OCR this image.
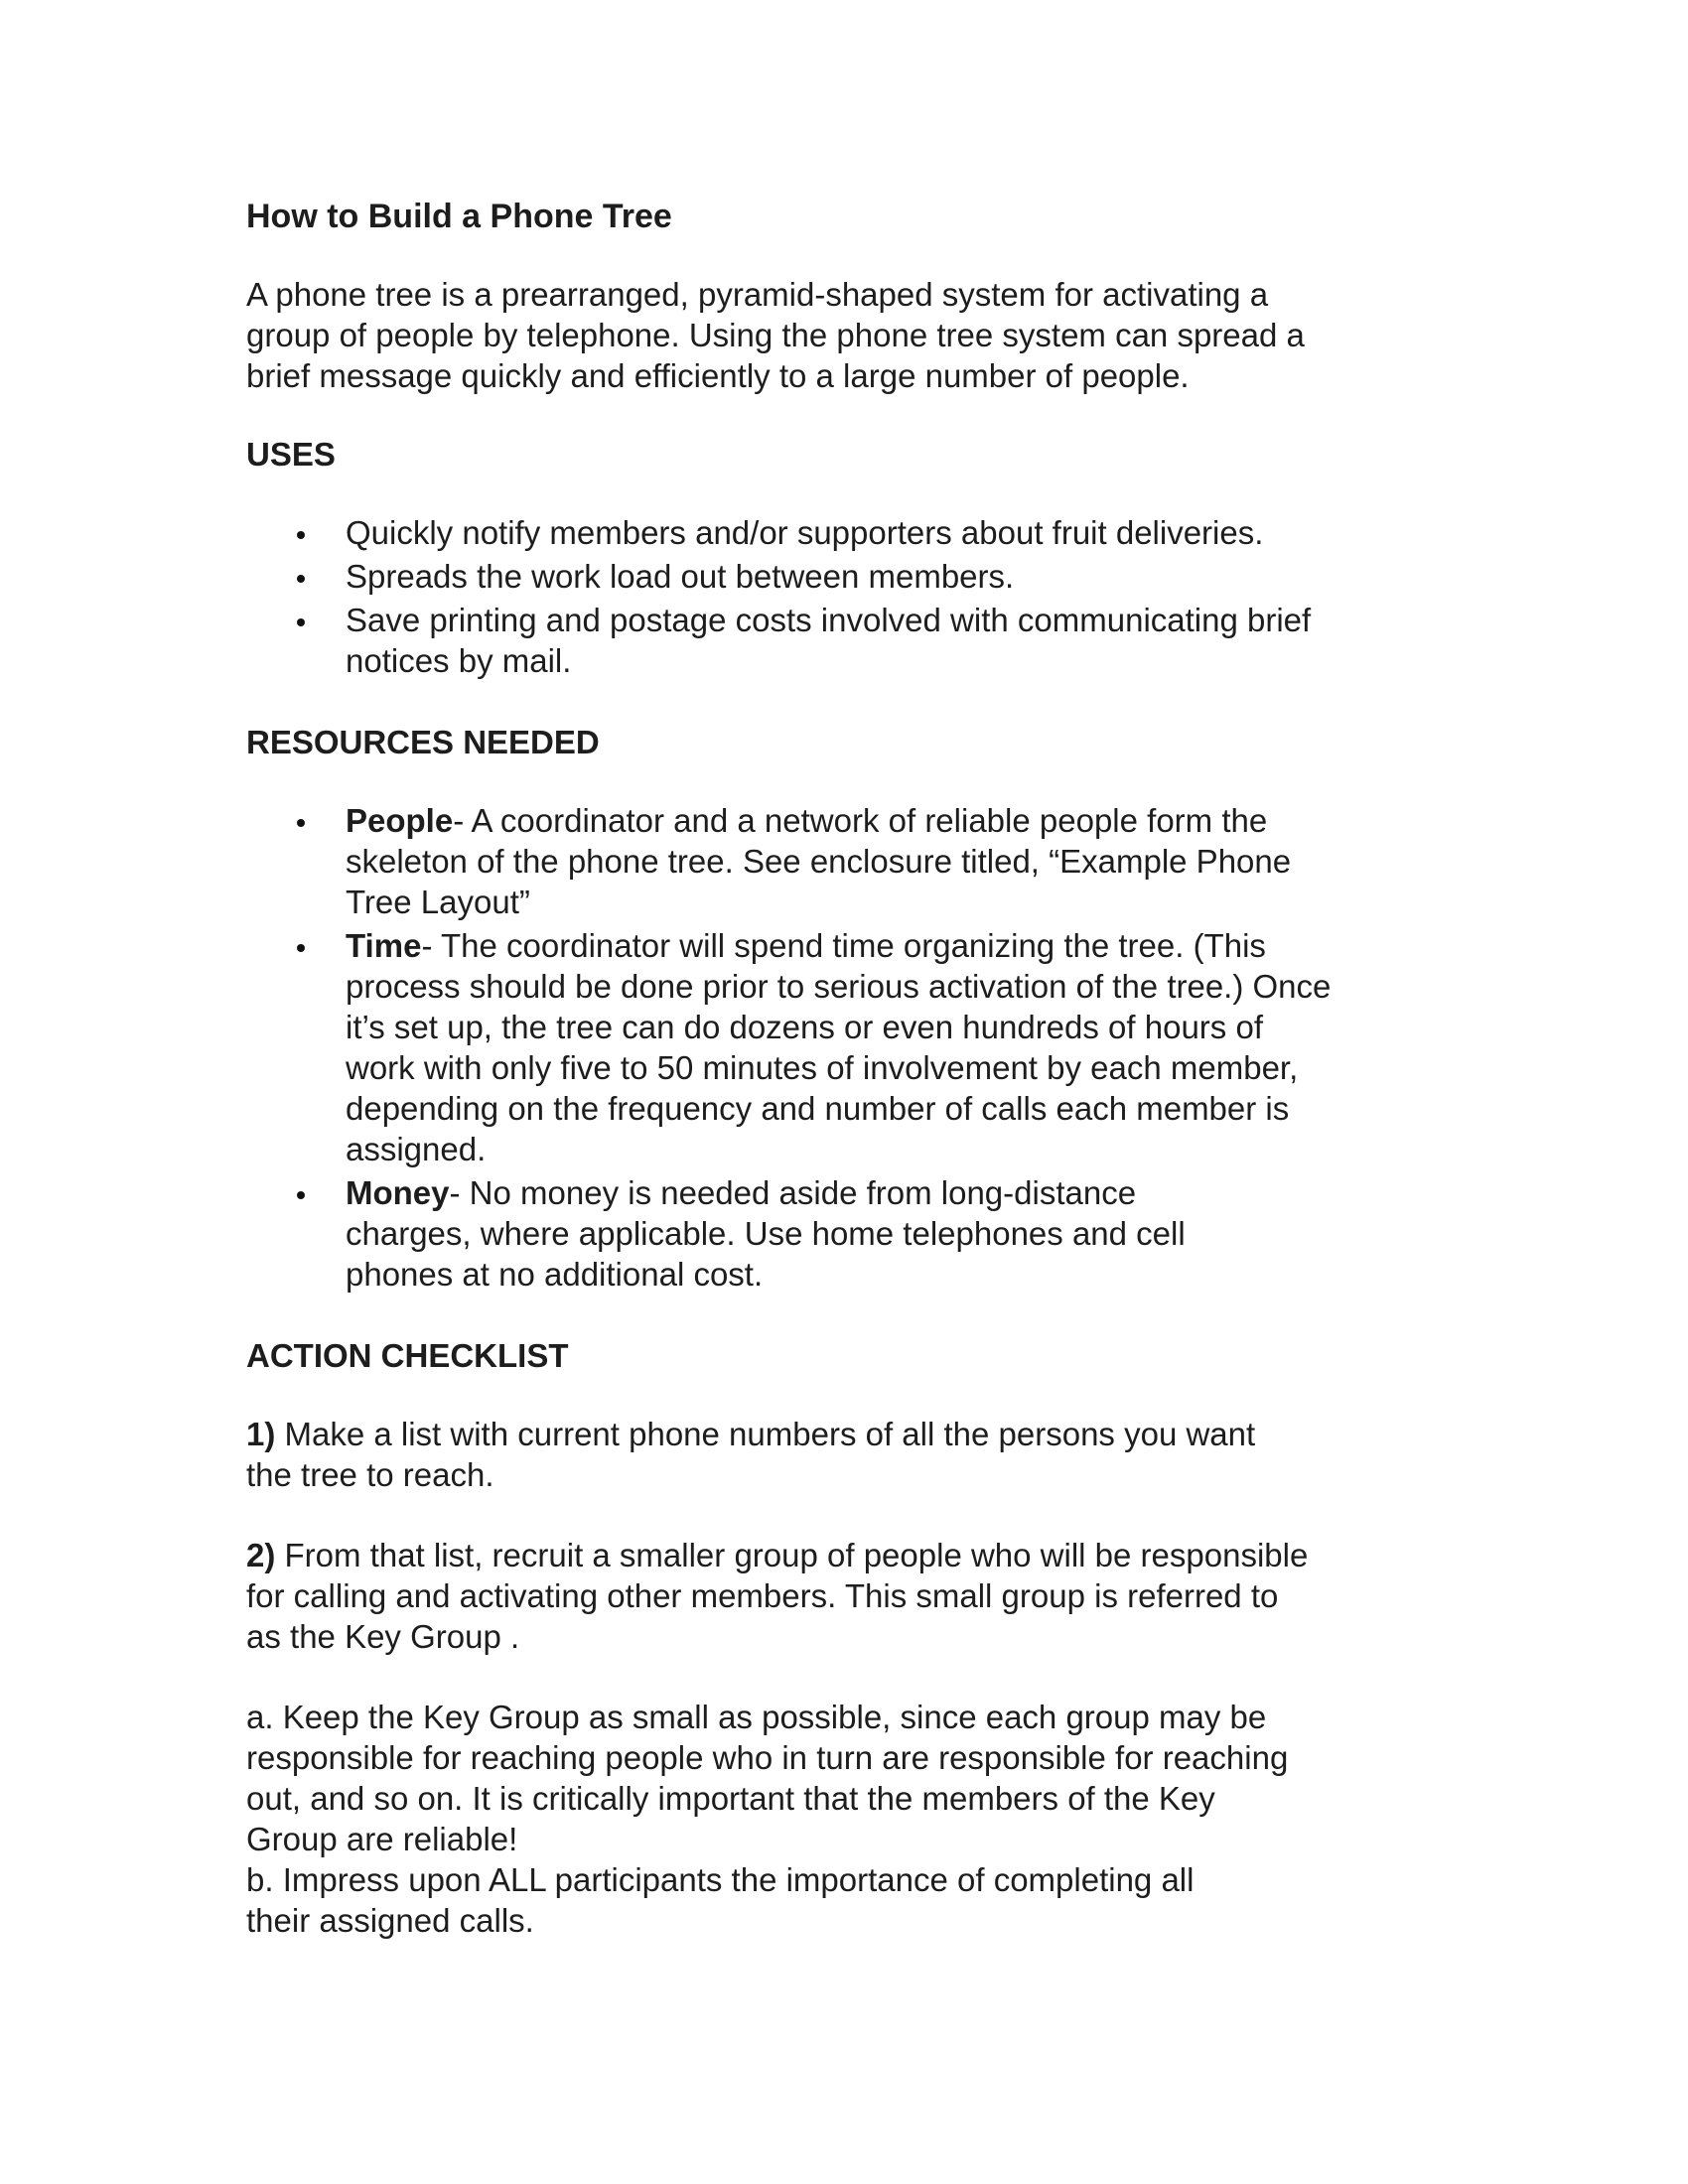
How to Build a Phone Tree
A phone tree is a prearranged, pyramid-shaped system for activating a
group of people by telephone. Using the phone tree system can spread a
brief message quickly and efficiently to a large number of people.
USES
Quickly notify members and/or supporters about fruit deliveries.
Spreads the work load out between members.
Save printing and postage costs involved with communicating brief
notices by mail.
RESOURCES NEEDED
People- A coordinator and a network of reliable people form the
skeleton of the phone tree. See enclosure titled, “Example Phone
Tree Layout”
Time- The coordinator will spend time organizing the tree. (This
process should be done prior to serious activation of the tree.) Once
it’s set up, the tree can do dozens or even hundreds of hours of
work with only five to 50 minutes of involvement by each member,
depending on the frequency and number of calls each member is
assigned.
Money- No money is needed aside from long-distance
charges, where applicable. Use home telephones and cell
phones at no additional cost.
ACTION CHECKLIST
1) Make a list with current phone numbers of all the persons you want
the tree to reach.
2) From that list, recruit a smaller group of people who will be responsible
for calling and activating other members. This small group is referred to
as the Key Group .
a. Keep the Key Group as small as possible, since each group may be
responsible for reaching people who in turn are responsible for reaching
out, and so on. It is critically important that the members of the Key
Group are reliable!
b. Impress upon ALL participants the importance of completing all
their assigned calls.
